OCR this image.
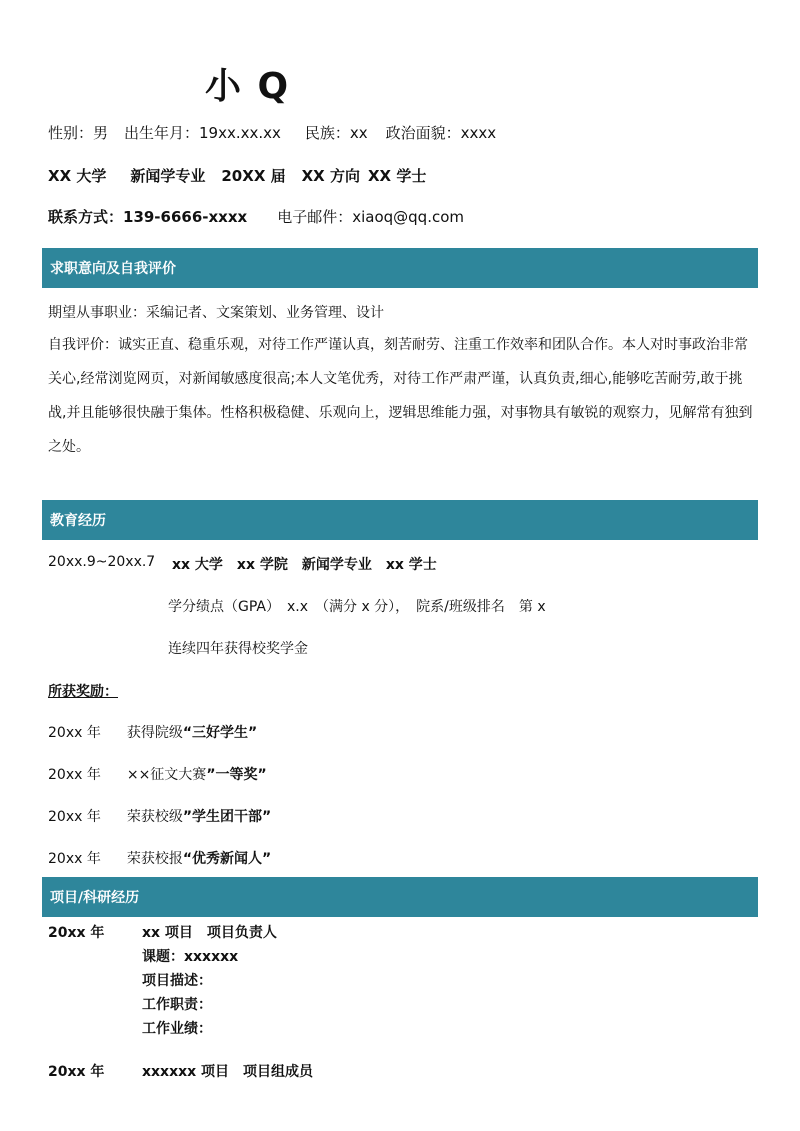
小 Q
性别：男 出生年月：19xx.xx.xx 民族：xx 政治面貌：xxxx
XX 大学 新闻学专业 20XX 届 XX 方向 XX 学士
联系方式：139-6666-xxxx 电子邮件：xiaoq@qq.com
求职意向及自我评价
期望从事职业：采编记者、文案策划、业务管理、设计
自我评价：诚实正直、稳重乐观，对待工作严谨认真，刻苦耐劳、注重工作效率和团队合作。本人对时事政治非常关心,经常浏览网页，对新闻敏感度很高;本人文笔优秀，对待工作严肃严谨，认真负责,细心,能够吃苦耐劳,敢于挑战,并且能够很快融于集体。性格积极稳健、乐观向上，逻辑思维能力强，对事物具有敏锐的观察力，见解常有独到之处。
教育经历
20xx.9~20xx.7 xx 大学　xx 学院　新闻学专业　xx 学士
学分绩点（GPA）　x.x　（满分 x 分），　院系/班级排名　第 x
连续四年获得校奖学金
所获奖励：
20xx 年 获得院级“三好学生”
20xx 年 ××征文大赛”一等奖”
20xx 年 荣获校级”学生团干部”
20xx 年 荣获校报“优秀新闻人”
项目/科研经历
20xx 年	xx 项目　项目负责人
课题：xxxxxx
项目描述：
工作职责：
工作业绩：
20xx 年	xxxxxx 项目　项目组成员
